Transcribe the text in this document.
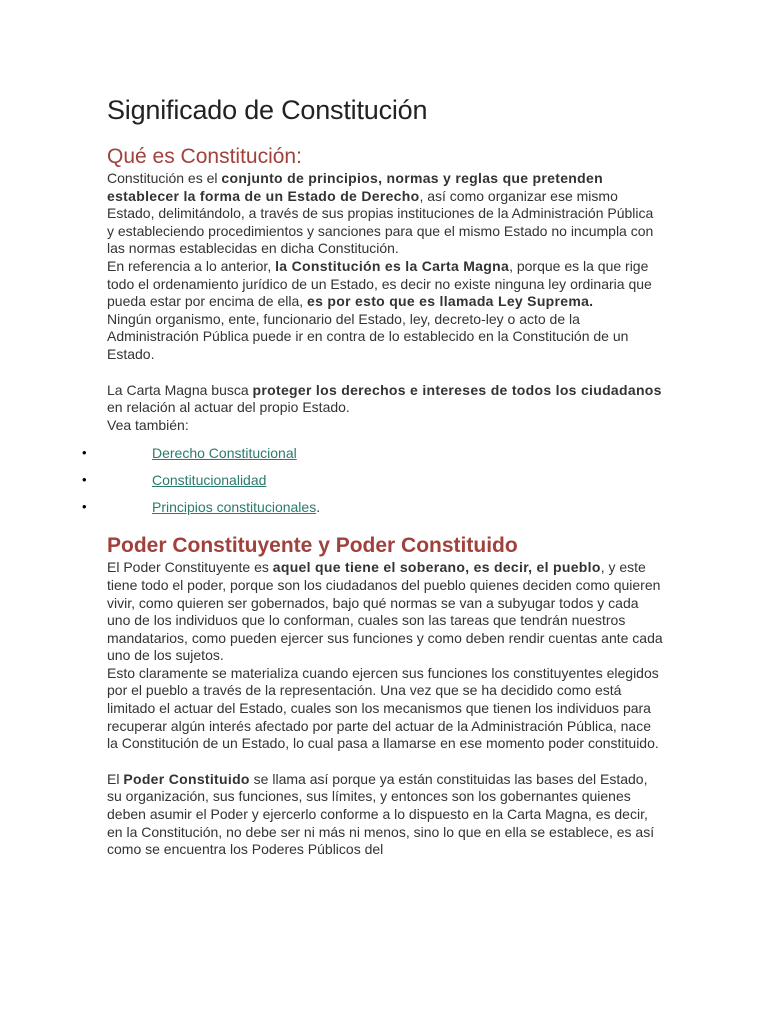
Significado de Constitución
Qué es Constitución:

Constitución es el conjunto de principios, normas y reglas que pretenden establecer la forma de un Estado de Derecho, así como organizar ese mismo Estado, delimitándolo, a través de sus propias instituciones de la Administración Pública y estableciendo procedimientos y sanciones para que el mismo Estado no incumpla con las normas establecidas en dicha Constitución.

En referencia a lo anterior, la Constitución es la Carta Magna, porque es la que rige todo el ordenamiento jurídico de un Estado, es decir no existe ninguna ley ordinaria que pueda estar por encima de ella, es por esto que es llamada Ley Suprema.

Ningún organismo, ente, funcionario del Estado, ley, decreto-ley o acto de la Administración Pública puede ir en contra de lo establecido en la Constitución de un Estado.

La Carta Magna busca proteger los derechos e intereses de todos los ciudadanos en relación al actuar del propio Estado.

Vea también:

•	Derecho Constitucional
•	Constitucionalidad
•	Principios constitucionales.
Poder Constituyente y Poder Constituido

El Poder Constituyente es aquel que tiene el soberano, es decir, el pueblo, y este tiene todo el poder, porque son los ciudadanos del pueblo quienes deciden como quieren vivir, como quieren ser gobernados, bajo qué normas se van a subyugar todos y cada uno de los individuos que lo conforman, cuales son las tareas que tendrán nuestros mandatarios, como pueden ejercer sus funciones y como deben rendir cuentas ante cada uno de los sujetos.

Esto claramente se materializa cuando ejercen sus funciones los constituyentes elegidos por el pueblo a través de la representación. Una vez que se ha decidido como está limitado el actuar del Estado, cuales son los mecanismos que tienen los individuos para recuperar algún interés afectado por parte del actuar de la Administración Pública, nace la Constitución de un Estado, lo cual pasa a llamarse en ese momento poder constituido.

El Poder Constituido se llama así porque ya están constituidas las bases del Estado, su organización, sus funciones, sus límites, y entonces son los gobernantes quienes deben asumir el Poder y ejercerlo conforme a lo dispuesto en la Carta Magna, es decir, en la Constitución, no debe ser ni más ni menos, sino lo que en ella se establece, es así como se encuentra los Poderes Públicos del
